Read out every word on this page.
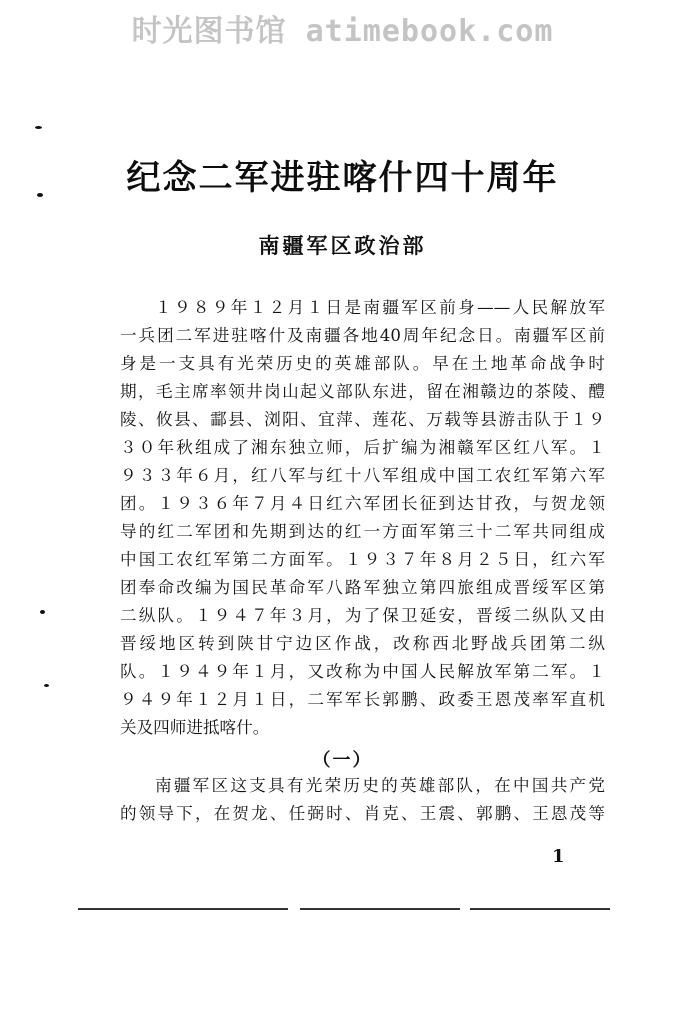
时光图书馆 atimebook.com
纪念二军进驻喀什四十周年
南疆军区政治部
１９８９年１２月１日是南疆军区前身——人民解放军
一兵团二军进驻喀什及南疆各地40周年纪念日。南疆军区前
身是一支具有光荣历史的英雄部队。早在土地革命战争时
期，毛主席率领井岗山起义部队东进，留在湘赣边的茶陵、醴
陵、攸县、酃县、浏阳、宜萍、莲花、万载等县游击队于１９
３０年秋组成了湘东独立师，后扩编为湘赣军区红八军。１
９３３年６月，红八军与红十八军组成中国工农红军第六军
团。１９３６年７月４日红六军团长征到达甘孜，与贺龙领
导的红二军团和先期到达的红一方面军第三十二军共同组成
中国工农红军第二方面军。１９３７年８月２５日，红六军
团奉命改编为国民革命军八路军独立第四旅组成晋绥军区第
二纵队。１９４７年３月，为了保卫延安，晋绥二纵队又由
晋绥地区转到陕甘宁边区作战，改称西北野战兵团第二纵
队。１９４９年１月，又改称为中国人民解放军第二军。１
９４９年１２月１日，二军军长郭鹏、政委王恩茂率军直机
关及四师进抵喀什。
（一）
南疆军区这支具有光荣历史的英雄部队，在中国共产党
的领导下，在贺龙、任弼时、肖克、王震、郭鹏、王恩茂等
1
